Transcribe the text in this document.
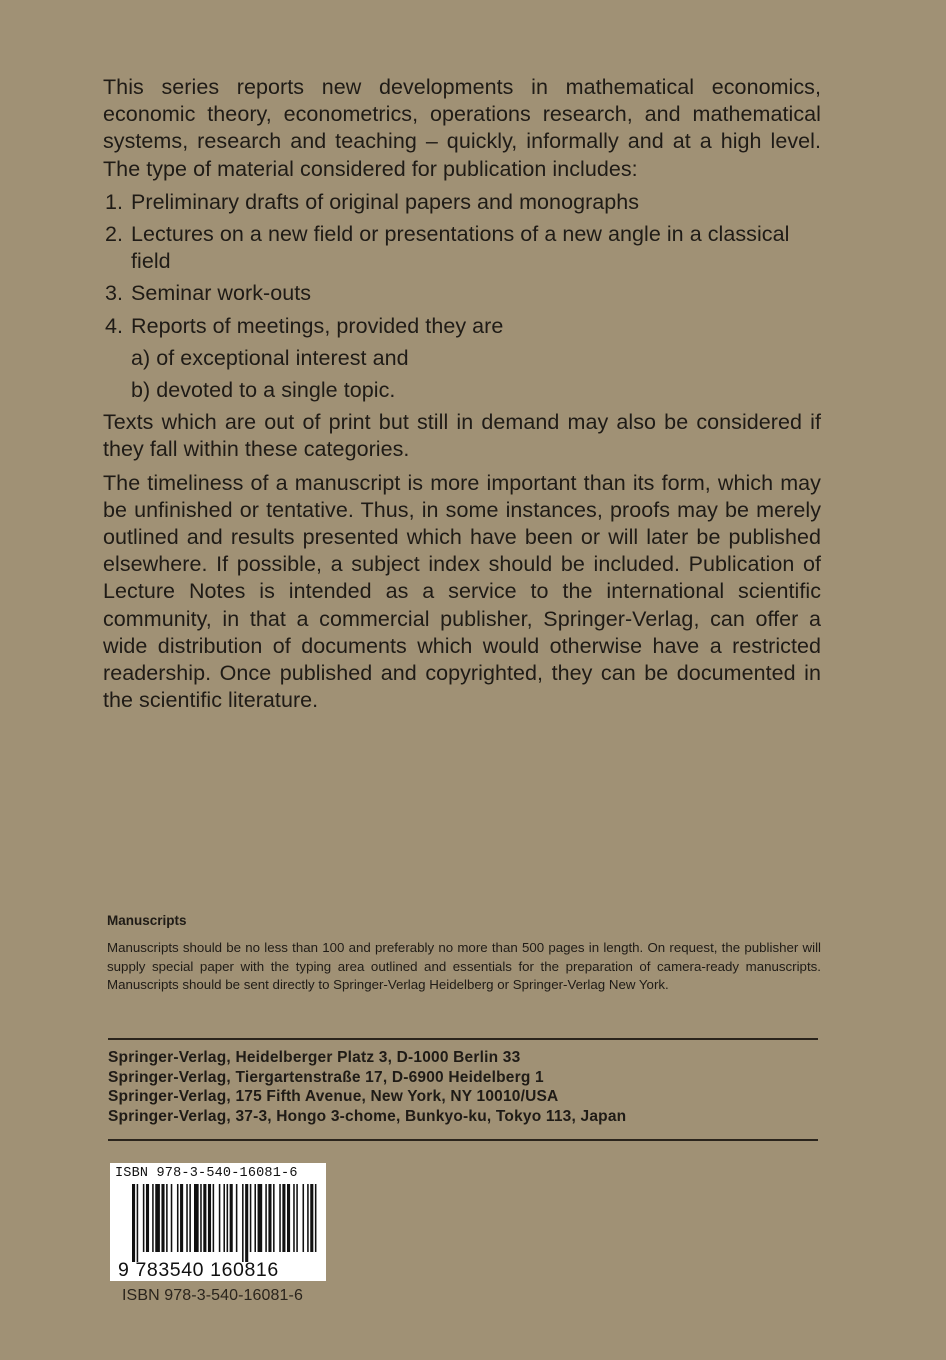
This series reports new developments in mathematical economics, economic theory, econometrics, operations research, and mathematical systems, research and teaching – quickly, informally and at a high level. The type of material considered for publication includes:

1. Preliminary drafts of original papers and monographs
2. Lectures on a new field or presentations of a new angle in a classical field
3. Seminar work-outs
4. Reports of meetings, provided they are
a) of exceptional interest and
b) devoted to a single topic.

Texts which are out of print but still in demand may also be considered if they fall within these categories.

The timeliness of a manuscript is more important than its form, which may be unfinished or tentative. Thus, in some instances, proofs may be merely outlined and results presented which have been or will later be published elsewhere. If possible, a subject index should be included. Publication of Lecture Notes is intended as a service to the international scientific community, in that a commercial publisher, Springer-Verlag, can offer a wide distribution of documents which would otherwise have a restricted readership. Once published and copyrighted, they can be documented in the scientific literature.

Manuscripts
Manuscripts should be no less than 100 and preferably no more than 500 pages in length. On request, the publisher will supply special paper with the typing area outlined and essentials for the preparation of camera-ready manuscripts. Manuscripts should be sent directly to Springer-Verlag Heidelberg or Springer-Verlag New York.
Springer-Verlag, Heidelberger Platz 3, D-1000 Berlin 33
Springer-Verlag, Tiergartenstraße 17, D-6900 Heidelberg 1
Springer-Verlag, 175 Fifth Avenue, New York, NY 10010/USA
Springer-Verlag, 37-3, Hongo 3-chome, Bunkyo-ku, Tokyo 113, Japan
ISBN 978-3-540-16081-6
9 783540 160816
ISBN 978-3-540-16081-6
